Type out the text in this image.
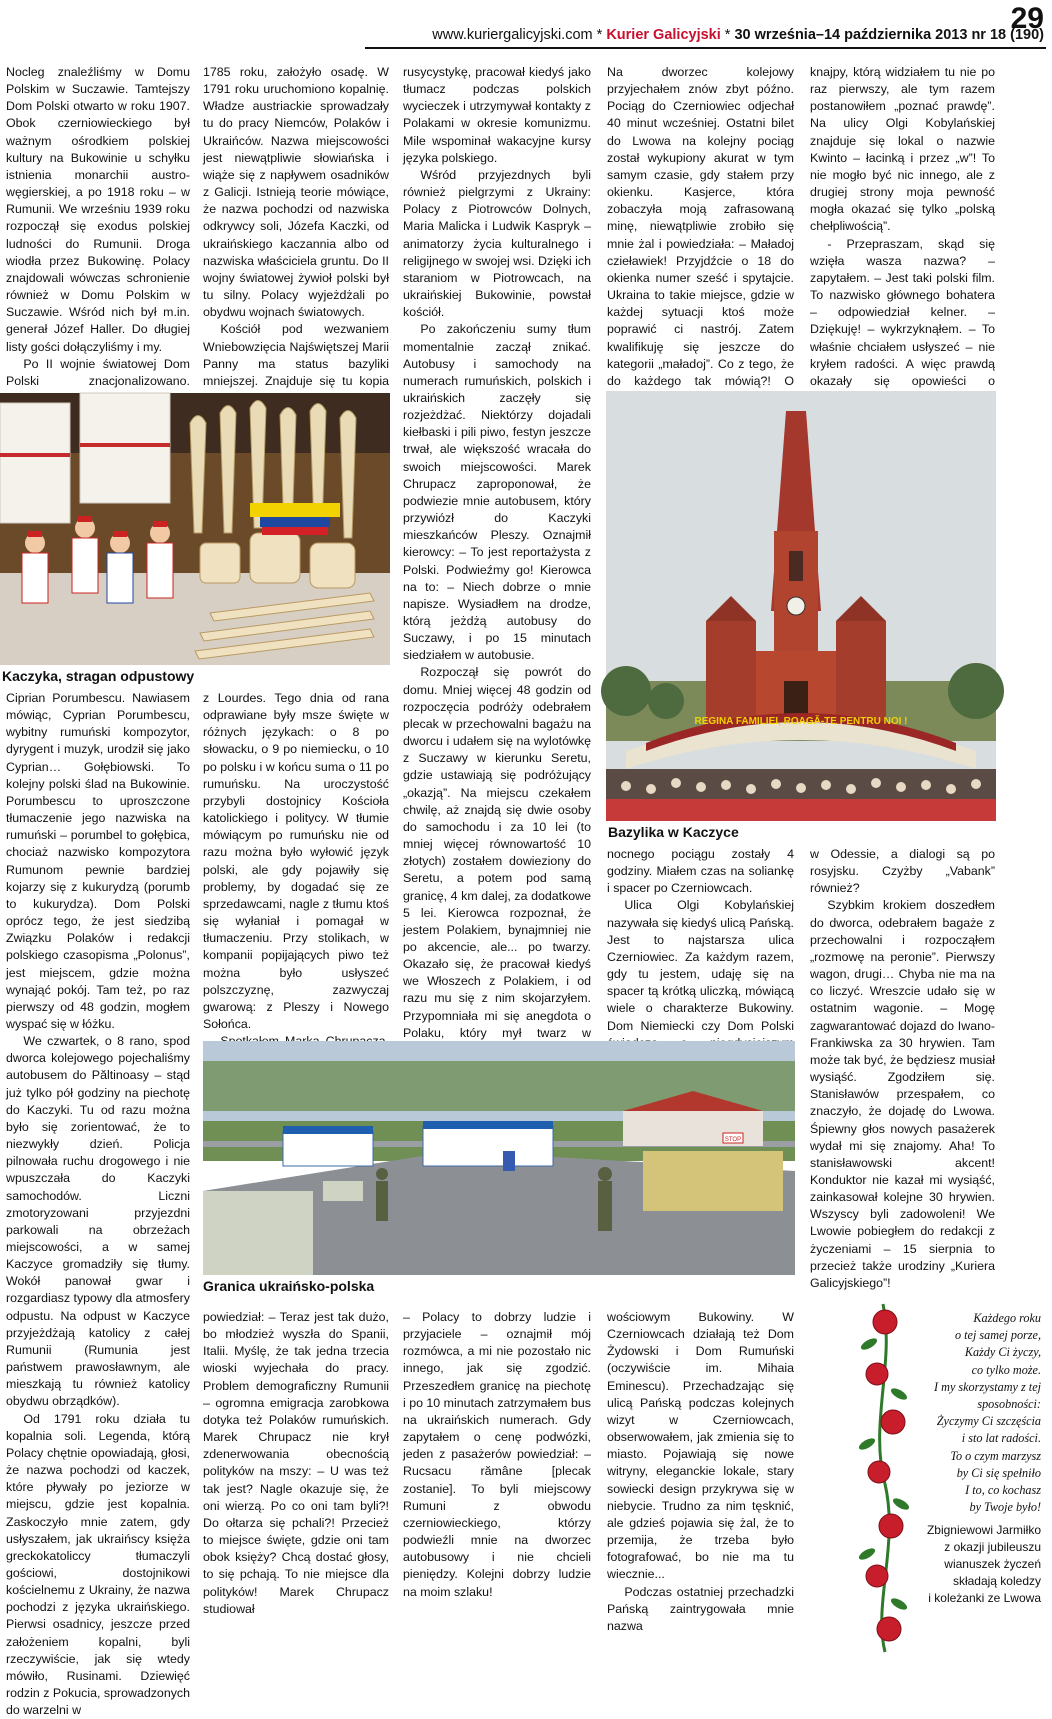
29
www.kuriergalicyjski.com * Kurier Galicyjski * 30 września–14 października 2013 nr 18 (190)

Nocleg znaleźliśmy w Domu Polskim w Suczawie. Tamtejszy Dom Polski otwarto w roku 1907. Obok czerniowieckiego był ważnym ośrodkiem polskiej kultury na Bukowinie u schyłku istnienia monarchii austro-węgierskiej, a po 1918 roku – w Rumunii. We wrześniu 1939 roku rozpoczął się exodus polskiej ludności do Rumunii. Droga wiodła przez Bukowinę. Polacy znajdowali wówczas schronienie również w Domu Polskim w Suczawie. Wśród nich był m.in. generał Józef Haller. Do długiej listy gości dołączyliśmy i my.

Po II wojnie światowej Dom Polski znacjonalizowano.

1785 roku, założyło osadę. W 1791 roku uruchomiono kopalnię. Władze austriackie sprowadzały tu do pracy Niemców, Polaków i Ukraińców. Nazwa miejscowości jest niewątpliwie słowiańska i wiąże się z napływem osadników z Galicji. Istnieją teorie mówiące, że nazwa pochodzi od nazwiska odkrywcy soli, Józefa Kaczki, od ukraińskiego kaczannia albo od nazwiska właściciela gruntu. Do II wojny światowej żywioł polski był tu silny. Polacy wyjeżdżali po obydwu wojnach światowych.

Kościół pod wezwaniem Wniebowzięcia Najświętszej Marii Panny ma status bazyliki mniejszej. Znajduje się tu kopia

rusycystykę, pracował kiedyś jako tłumacz podczas polskich wycieczek i utrzymywał kontakty z Polakami w okresie komunizmu. Mile wspominał wakacyjne kursy języka polskiego.

Wśród przyjezdnych byli również pielgrzymi z Ukrainy: Polacy z Piotrowców Dolnych, Maria Malicka i Ludwik Kaspryk – animatorzy życia kulturalnego i religijnego w swojej wsi. Dzięki ich staraniom w Piotrowcach, na ukraińskiej Bukowinie, powstał kościół.

Po zakończeniu sumy tłum momentalnie zaczął znikać. Autobusy i samochody na numerach rumuńskich, polskich i ukraińskich zaczęły się rozjeżdżać. Niektórzy dojadali kiełbaski i pili piwo, festyn jeszcze trwał, ale większość wracała do swoich miejscowości. Marek Chrupacz zaproponował, że podwiezie mnie autobusem, który przywiózł do Kaczyki mieszkańców Pleszy. Oznajmił kierowcy: – To jest reportażysta z Polski. Podwieźmy go! Kierowca na to: – Niech dobrze o mnie napisze. Wysiadłem na drodze, którą jeżdżą autobusy do Suczawy, i po 15 minutach siedziałem w autobusie.

Rozpoczął się powrót do domu. Mniej więcej 48 godzin od rozpoczęcia podróży odebrałem plecak w przechowalni bagażu na dworcu i udałem się na wylotówkę z Suczawy w kierunku Seretu, gdzie ustawiają się podróżujący „okazją”. Na miejscu czekałem chwilę, aż znajdą się dwie osoby do samochodu i za 10 lei (to mniej więcej równowartość 10 złotych) zostałem dowieziony do Seretu, a potem pod samą granicę, 4 km dalej, za dodatkowe 5 lei. Kierowca rozpoznał, że jestem Polakiem, bynajmniej nie po akcencie, ale... po twarzy. Okazało się, że pracował kiedyś we Włoszech z Polakiem, i od razu mu się z nim skojarzyłem. Przypomniała mi się anegdota o Polaku, który mył twarz w

Na dworzec kolejowy przyjechałem znów zbyt późno. Pociąg do Czerniowiec odjechał 40 minut wcześniej. Ostatni bilet do Lwowa na kolejny pociąg został wykupiony akurat w tym samym czasie, gdy stałem przy okienku. Kasjerce, która zobaczyła moją zafrasowaną minę, niewątpliwie zrobiło się mnie żal i powiedziała: – Maładoj czieławiek! Przyjdźcie o 18 do okienka numer sześć i spytajcie. Ukraina to takie miejsce, gdzie w każdej sytuacji ktoś może poprawić ci nastrój. Zatem kwalifikuję się jeszcze do kategorii „maładoj”. Co z tego, że do każdego tak mówią?! O

knajpy, którą widziałem tu nie po raz pierwszy, ale tym razem postanowiłem „poznać prawdę”. Na ulicy Olgi Kobylańskiej znajduje się lokal o nazwie Kwinto – łacinką i przez „w”! To nie mogło być nic innego, ale z drugiej strony moja pewność mogła okazać się tylko „polską chełpliwością”.

- Przepraszam, skąd się wzięła wasza nazwa? – zapytałem. – Jest taki polski film. To nazwisko głównego bohatera – odpowiedział kelner. – Dziękuję! – wykrzyknąłem. – To właśnie chciałem usłyszeć – nie kryłem radości. A więc prawdą okazały się opowieści o

Kaczyka, stragan odpustowy
REGINA FAMILIEI, ROAGĂ-TE PENTRU NOI !
Bazylika w Kaczyce

Ciprian Porumbescu. Nawiasem mówiąc, Cyprian Porumbescu, wybitny rumuński kompozytor, dyrygent i muzyk, urodził się jako Cyprian… Gołębiowski. To kolejny polski ślad na Bukowinie. Porumbescu to uproszczone tłumaczenie jego nazwiska na rumuński – porumbel to gołębica, chociaż nazwisko kompozytora Rumunom pewnie bardziej kojarzy się z kukurydzą (porumb to kukurydza). Dom Polski oprócz tego, że jest siedzibą Związku Polaków i redakcji polskiego czasopisma „Polonus”, jest miejscem, gdzie można wynająć pokój. Tam też, po raz pierwszy od 48 godzin, mogłem wyspać się w łóżku.

We czwartek, o 8 rano, spod dworca kolejowego pojechaliśmy autobusem do Păltinoasy – stąd już tylko pół godziny na piechotę do Kaczyki. Tu od razu można było się zorientować, że to niezwykły dzień. Policja pilnowała ruchu drogowego i nie wpuszczała do Kaczyki samochodów. Liczni zmotoryzowani przyjezdni parkowali na obrzeżach miejscowości, a w samej Kaczyce gromadziły się tłumy. Wokół panował gwar i rozgardiasz typowy dla atmosfery odpustu. Na odpust w Kaczyce przyjeżdżają katolicy z całej Rumunii (Rumunia jest państwem prawosławnym, ale mieszkają tu również katolicy obydwu obrządków).

Od 1791 roku działa tu kopalnia soli. Legenda, którą Polacy chętnie opowiadają, głosi, że nazwa pochodzi od kaczek, które pływały po jeziorze w miejscu, gdzie jest kopalnia. Zaskoczyło mnie zatem, gdy usłyszałem, jak ukraińscy księża greckokatoliccy tłumaczyli gościowi, dostojnikowi kościelnemu z Ukrainy, że nazwa pochodzi z języka ukraińskiego. Pierwsi osadnicy, jeszcze przed założeniem kopalni, byli rzeczywiście, jak się wtedy mówiło, Rusinami. Dziewięć rodzin z Pokucia, sprowadzonych do warzelni w

z Lourdes. Tego dnia od rana odprawiane były msze święte w różnych językach: o 8 po słowacku, o 9 po niemiecku, o 10 po polsku i w końcu suma o 11 po rumuńsku. Na uroczystość przybyli dostojnicy Kościoła katolickiego i politycy. W tłumie mówiącym po rumuńsku nie od razu można było wyłowić język polski, ale gdy pojawiły się problemy, by dogadać się ze sprzedawcami, nagle z tłumu ktoś się wyłaniał i pomagał w tłumaczeniu. Przy stolikach, w kompanii popijających piwo też można było usłyszeć polszczyznę, zazwyczaj gwarową: z Pleszy i Nowego Sołońca.

nocnego pociągu zostały 4 godziny. Miałem czas na soliankę i spacer po Czerniowcach.

Ulica Olgi Kobylańskiej nazywała się kiedyś ulicą Pańską. Jest to najstarsza ulica Czerniowiec. Za każdym razem, gdy tu jestem, udaję się na spacer tą krótką uliczką, mówiącą wiele o charakterze Bukowiny. Dom Niemiecki czy Dom Polski

w Odessie, a dialogi są po rosyjsku. Czyżby „Vabank” również?

Szybkim krokiem doszedłem do dworca, odebrałem bagaże z przechowalni i rozpocząłem „rozmowę na peronie”. Pierwszy wagon, drugi… Chyba nie ma na co liczyć. Wreszcie udało się w ostatnim wagonie. – Mogę zagwarantować dojazd do Iwano-Frankiwska za 30 hrywien. Tam może tak być, że będziesz musiał wysiąść. Zgodziłem się. Stanisławów przespałem, co znaczyło, że dojadę do Lwowa. Śpiewny głos nowych pasażerek wydał mi się znajomy. Aha! To stanisławowski akcent! Konduktor nie kazał mi wysiąść, zainkasował kolejne 30 hrywien. Wszyscy byli zadowoleni! We Lwowie pobiegłem do redakcji z życzeniami – 15 sierpnia to przecież także urodziny „Kuriera Galicyjskiego”!

STOP
Granica ukraińsko-polska

powiedział: – Teraz jest tak dużo, bo młodzież wyszła do Spanii, Italii. Myślę, że tak jedna trzecia wioski wyjechała do pracy. Problem demograficzny Rumunii – ogromna emigracja zarobkowa dotyka też Polaków rumuńskich. Marek Chrupacz nie krył zdenerwowania obecnością polityków na mszy: – U was też tak jest? Nagle okazuje się, że oni wierzą. Po co oni tam byli?! Do ołtarza się pchali?! Przecież to miejsce święte, gdzie oni tam obok księży? Chcą dostać głosy, to się pchają. To nie miejsce dla polityków! Marek Chrupacz studiował

– Polacy to dobrzy ludzie i przyjaciele – oznajmił mój rozmówca, a mi nie pozostało nic innego, jak się zgodzić. Przeszedłem granicę na piechotę i po 10 minutach zatrzymałem bus na ukraińskich numerach. Gdy zapytałem o cenę podwózki, jeden z pasażerów powiedział: – Rucsacu rămâne [plecak zostanie]. To byli miejscowy Rumuni z obwodu czerniowieckiego, którzy podwieźli mnie na dworzec autobusowy i nie chcieli pieniędzy. Kolejni dobrzy ludzie na moim szlaku!

wościowym Bukowiny. W Czerniowcach działają też Dom Żydowski i Dom Rumuński (oczywiście im. Mihaia Eminescu). Przechadzając się ulicą Pańską podczas kolejnych wizyt w Czerniowcach, obserwowałem, jak zmienia się to miasto. Pojawiają się nowe witryny, eleganckie lokale, stary sowiecki design przykrywa się w niebycie. Trudno za nim tęsknić, ale gdzieś pojawia się żal, że to przemija, że trzeba było fotografować, bo nie ma tu wiecznie...

Podczas ostatniej przechadzki Pańską zaintrygowała mnie nazwa

Każdego roku

o tej samej porze,

Każdy Ci życzy,

co tylko może.

I my skorzystamy z tej

sposobności:

Życzymy Ci szczęścia

i sto lat radości.

To o czym marzysz

by Ci się spełniło

I to, co kochasz

by Twoje było!

Zbigniewowi Jarmiłko

z okazji jubileuszu

wianuszek życzeń

składają koledzy

i koleżanki ze Lwowa
